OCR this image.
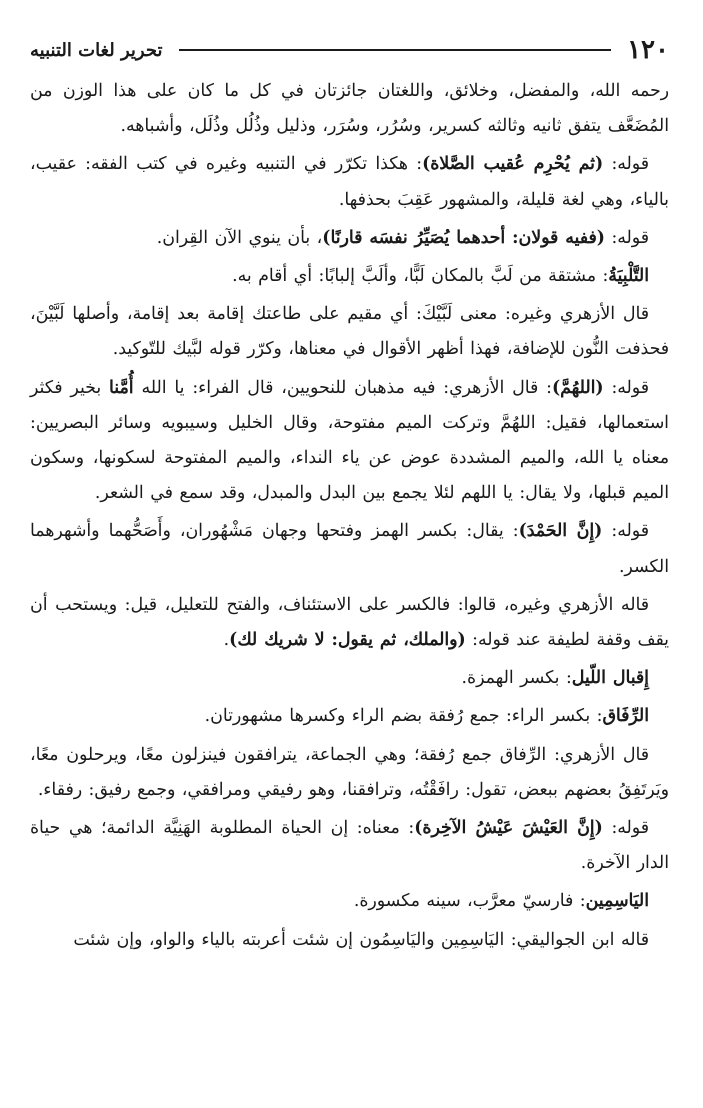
١٢٠
تحرير لغات التنبيه

رحمه الله، والمفضل، وخلائق، واللغتان جائزتان في كل ما كان على هذا الوزن من المُضَعَّف يتفق ثانيه وثالثه كسرير، وسُرُر، وسُرَر، وذليل وذُلُل وذُلَل، وأشباهه.

قوله: (ثم يُحْرِم عُقيب الصَّلاة): هكذا تكرّر في التنبيه وغيره في كتب الفقه: عقيب، بالياء، وهي لغة قليلة، والمشهور عَقِبَ بحذفها.

قوله: (ففيه قولان: أحدهما يُصَيِّرُ نفسَه قارنًا)، بأن ينوي الآن القِران.

التَّلْبِيَةُ: مشتقة من لَبَّ بالمكان لَبًّا، وألَبَّ إلبابًا: أي أقام به.

قال الأزهري وغيره: معنى لَبَّيْكَ: أي مقيم على طاعتك إقامة بعد إقامة، وأصلها لَبَّيْنَ، فحذفت النُّون للإضافة، فهذا أظهر الأقوال في معناها، وكرّر قوله لبَّيك للتّوكيد.

قوله: (اللهُمَّ): قال الأزهري: فيه مذهبان للنحويين، قال الفراء: يا الله أُمَّنا بخير فكثر استعمالها، فقيل: اللهُمَّ وتركت الميم مفتوحة، وقال الخليل وسيبويه وسائر البصريين: معناه يا الله، والميم المشددة عوض عن ياء النداء، والميم المفتوحة لسكونها، وسكون الميم قبلها، ولا يقال: يا اللهم لئلا يجمع بين البدل والمبدل، وقد سمع في الشعر.

قوله: (إِنَّ الحَمْدَ): يقال: بكسر الهمز وفتحها وجهان مَشْهُوران، وأَصَحُّهما وأشهرهما الكسر.

قاله الأزهري وغيره، قالوا: فالكسر على الاستئناف، والفتح للتعليل، قيل: ويستحب أن يقف وقفة لطيفة عند قوله: (والملك، ثم يقول: لا شريك لك).

إِقبال اللّيل: بكسر الهمزة.

الرِّفَاق: بكسر الراء: جمع رُفقة بضم الراء وكسرها مشهورتان.

قال الأزهري: الرِّفاق جمع رُفقة؛ وهي الجماعة، يترافقون فينزلون معًا، ويرحلون معًا، ويَرتَفِقُ بعضهم ببعض، تقول: رافَقْتُه، وترافقنا، وهو رفيقي ومرافقي، وجمع رفيق: رفقاء.

قوله: (إِنَّ العَيْشَ عَيْشُ الآخِرة): معناه: إن الحياة المطلوبة الهَنِيَّة الدائمة؛ هي حياة الدار الآخرة.

اليَاسِمِين: فارسيّ معرَّب، سينه مكسورة.

قاله ابن الجواليقي: اليَاسِمِين واليَاسِمُون إن شئت أعربته بالياء والواو، وإن شئت
